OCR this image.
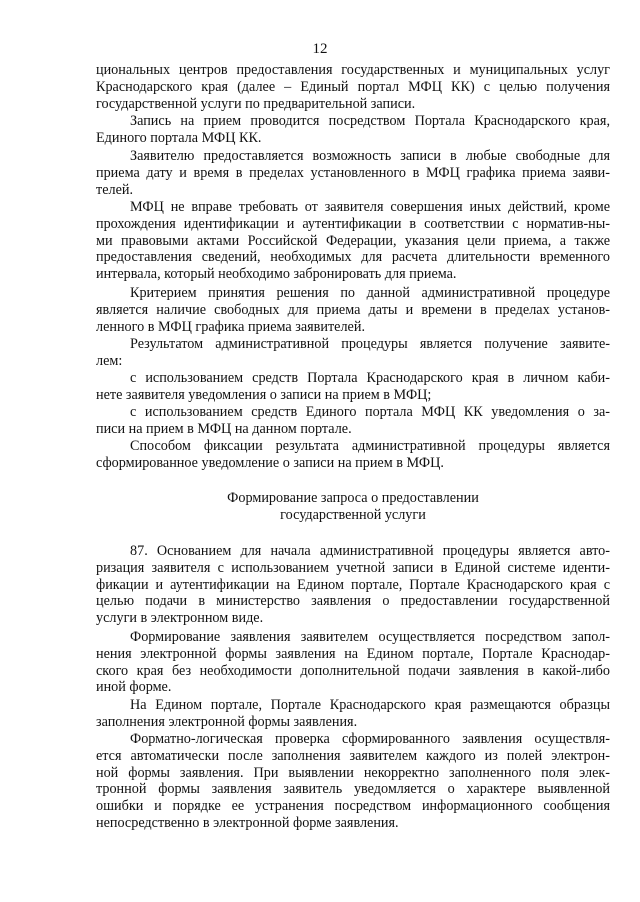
12
циональных центров предоставления государственных и муниципальных услуг
Краснодарского края (далее – Единый портал МФЦ КК) с целью получения
государственной услуги по предварительной записи.
Запись на прием проводится посредством Портала Краснодарского края,
Единого портала МФЦ КК.
Заявителю предоставляется возможность записи в любые свободные для
приема дату и время в пределах установленного в МФЦ графика приема заяви-
телей.
МФЦ не вправе требовать от заявителя совершения иных действий, кроме
прохождения идентификации и аутентификации в соответствии с норматив-ны-
ми правовыми актами Российской Федерации, указания цели приема, а также
предоставления сведений, необходимых для расчета длительности временного
интервала, который необходимо забронировать для приема.
Критерием принятия решения по данной административной процедуре
является наличие свободных для приема даты и времени в пределах установ-
ленного в МФЦ графика приема заявителей.
Результатом административной процедуры является получение заявите-
лем:
с использованием средств Портала Краснодарского края в личном каби-
нете заявителя уведомления о записи на прием в МФЦ;
с использованием средств Единого портала МФЦ КК уведомления о за-
писи на прием в МФЦ на данном портале.
Способом фиксации результата административной процедуры является
сформированное уведомление о записи на прием в МФЦ.
Формирование запроса о предоставлении
государственной услуги
87. Основанием для начала административной процедуры является авто-
ризация заявителя с использованием учетной записи в Единой системе иденти-
фикации и аутентификации на Едином портале, Портале Краснодарского края с
целью подачи в министерство заявления о предоставлении государственной
услуги в электронном виде.
Формирование заявления заявителем осуществляется посредством запол-
нения электронной формы заявления на Едином портале, Портале Краснодар-
ского края без необходимости дополнительной подачи заявления в какой-либо
иной форме.
На Едином портале, Портале Краснодарского края размещаются образцы
заполнения электронной формы заявления.
Форматно-логическая проверка сформированного заявления осуществля-
ется автоматически после заполнения заявителем каждого из полей электрон-
ной формы заявления. При выявлении некорректно заполненного поля элек-
тронной формы заявления заявитель уведомляется о характере выявленной
ошибки и порядке ее устранения посредством информационного сообщения
непосредственно в электронной форме заявления.
